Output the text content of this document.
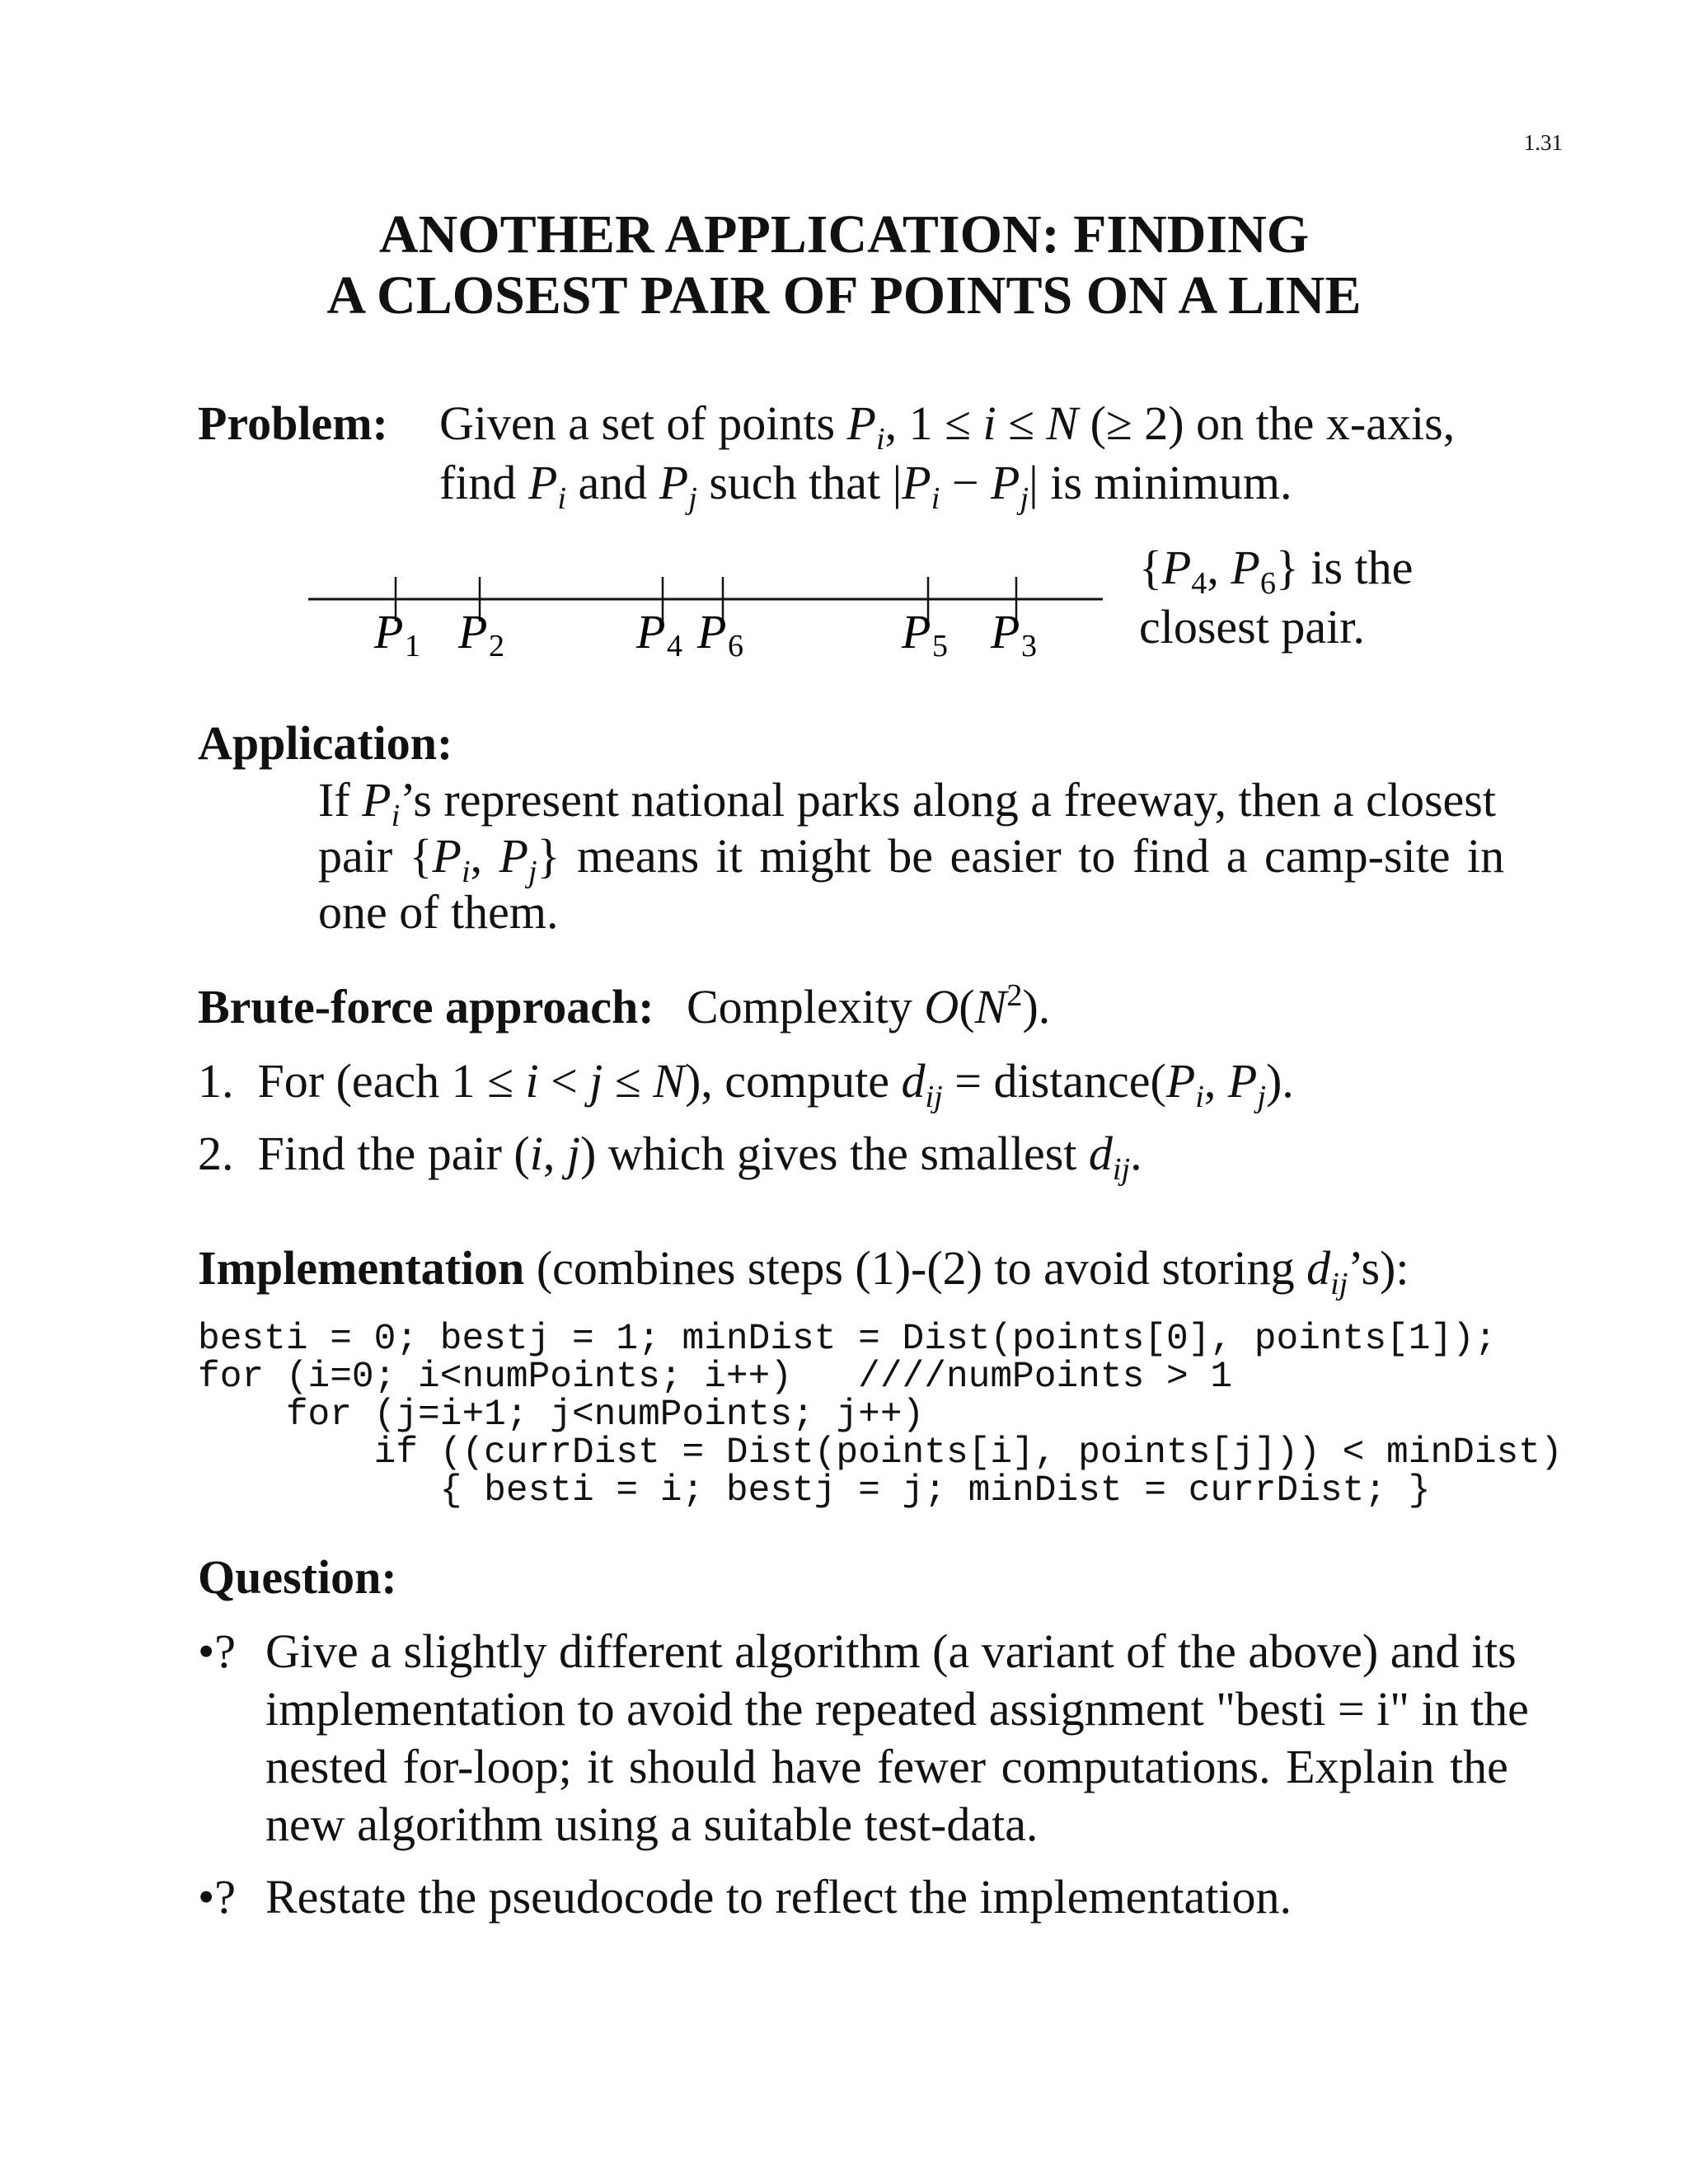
1.31
ANOTHER APPLICATION: FINDING
A CLOSEST PAIR OF POINTS ON A LINE
Problem: Given a set of points $P_i$, 1 ≤ i ≤ N (≥ 2) on the x-axis,
find $P_i$ and $P_j$ such that $|P_i - P_j|$ is minimum.
P 1 P 2	P 4 P 6	P 5 P 3
{$P_4$, $P_6$} is the
closest pair.
Application:
If $P_i’s$ represent national parks along a freeway, then a closest
pair {$P_i$, $P_j$} means it might be easier to find a camp-site in
one of them.
Brute-force approach: Complexity $O(N^2)$.
1.  For (each 1 ≤ i < j ≤ N), compute $d_{ij}$ = $distance(P_i$, $P_j$).
2.  Find the pair (i, j) which gives the smallest $d_{ij}$.
Implementation (combines steps (1)-(2) to avoid storing $d_{ij}’s$):
besti = 0; bestj = 1; minDist = Dist(points[0], points[1]);
for (i=0; i<numPoints; i++)   ////numPoints > 1
for (j=i+1; j<numPoints; j++)
if ((currDist = Dist(points[i], points[j])) < minDist)
{ besti = i; bestj = j; minDist = currDist; }
Question:
•? Give a slightly different algorithm (a variant of the above) and its
implementation to avoid the repeated assignment "besti = i" in the
nested for-loop; it should have fewer computations. Explain the
new algorithm using a suitable test-data.
•? Restate the pseudocode to reflect the implementation.
